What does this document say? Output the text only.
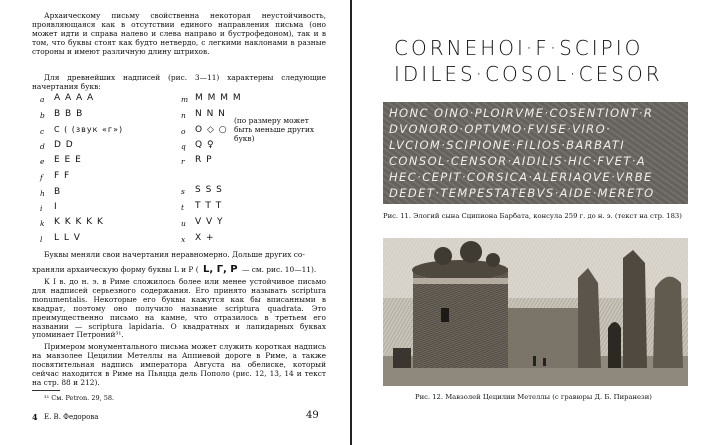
Архаическому письму свойственна некоторая неустойчивость, проявляющаяся как в отсутствии единого направления письма (оно может идти и справа налево и слева направо и бустрофедоном), так и в том, что буквы стоят как будто нетвердо, с легкими наклонами в разные стороны и имеют различную длину штрихов.

Для древнейших надписей (рис. 3—11) характерны следующие начертания букв:

a A A A A
b B B B
c C ( (звук «г»)
d D D
e E E E
f F F
h B
i I
k K K K K K
l L L V
m M M M M
n N N N
o O ◇ ○

(по размеру может быть меньше других букв)

q Q ♀
r R P
s S S S
t T T T
u V V Y
x X +

Буквы меняли свои начертания неравномерно. Дольше других со-

храняли архаическую форму буквы L и P ( L, Г, Р — см. рис. 10—11).

К I в. до н. э. в Риме сложилось более или менее устойчивое письмо для надписей серьезного содержания. Его принято называть scriptura monumentalis. Некоторые его буквы кажутся как бы вписанными в квадрат, поэтому оно получило название scriptura quadrata. Это преимущественно письмо на камне, что отразилось в третьем его названии — scriptura lapidaria. О квадратных и лапидарных буквах упоминает Петроний³¹.

Примером монументального письма может служить короткая надпись на мавзолее Цецилии Метеллы на Аппиевой дороге в Риме, а также посвятительная надпись императора Августа на обелиске, который сейчас находится в Риме на Пьяцца дель Пополо (рис. 12, 13, 14 и текст на стр. 88 и 212).

³¹ См. Petron. 29, 58.
4 Е. В. Федорова	49
CORNEHOI·F·SCIPIO
IDILES·COSOL·CESOR
HONC OINO·PLOIRVME·COSENTIONT·R
DVONORO·OPTVMO·FVISE·VIRO·
LVCIOM·SCIPIONE·FILIOS·BARBATI
CONSOL·CENSOR·AIDILIS·HIC·FVET·A
HEC·CEPIT·CORSICA·ALERIAQVE·VRBE
DEDET·TEMPESTATEBVS·AIDE·MERETO
Рис. 11. Элогий сына Сципиона Барбата, консула 259 г. до н. э. (текст на стр. 183)
Рис. 12. Мавзолей Цецилии Метеллы (с гравюры Д. Б. Пиранези)
